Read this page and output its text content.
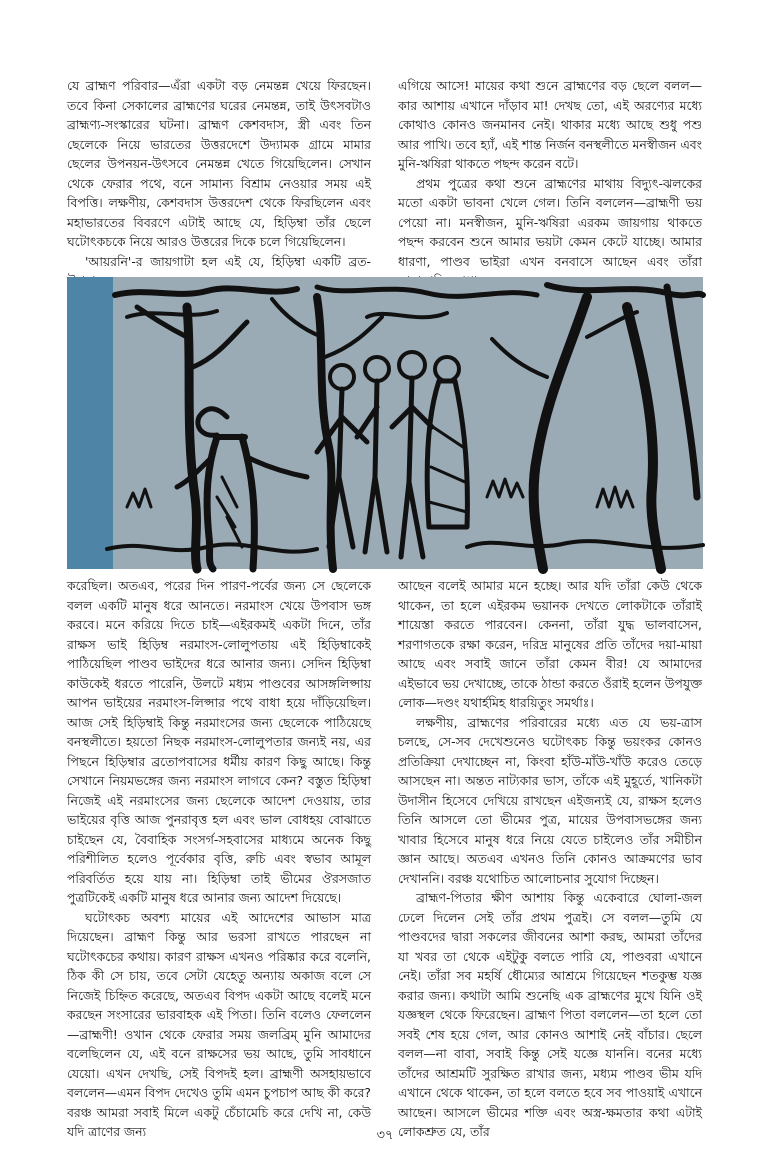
যে ব্রাহ্মণ পরিবার—এঁরা একটা বড় নেমন্তন্ন খেয়ে ফিরছেন। তবে কিনা সেকালের ব্রাহ্মণের ঘরের নেমন্তন্ন, তাই উৎসবটাও ব্রাহ্মণ্য-সংস্কারের ঘটনা। ব্রাহ্মণ কেশবদাস, স্ত্রী এবং তিন ছেলেকে নিয়ে ভারতের উত্তরদেশে উদ্যামক গ্রামে মামার ছেলের উপনয়ন-উৎসবে নেমন্তন্ন খেতে গিয়েছিলেন। সেখান থেকে ফেরার পথে, বনে সামান্য বিশ্রাম নেওয়ার সময় এই বিপত্তি। লক্ষণীয়, কেশবদাস উত্তরদেশ থেকে ফিরছিলেন এবং মহাভারতের বিবরণে এটাই আছে যে, হিড়িম্বা তাঁর ছেলে ঘটোৎকচকে নিয়ে আরও উত্তরের দিকে চলে গিয়েছিলেন।

'আয়রনি'-র জায়গাটা হল এই যে, হিড়িম্বা একটি ব্রত-

এগিয়ে আসে! মায়ের কথা শুনে ব্রাহ্মণের বড় ছেলে বলল—কার আশায় এখানে দাঁড়াব মা! দেখছ তো, এই অরণ্যের মধ্যে কোথাও কোনও জনমানব নেই। থাকার মধ্যে আছে শুধু পশু আর পাখি। তবে হ্যাঁ, এই শান্ত নির্জন বনস্থলীতে মনস্বীজন এবং মুনি-ঋষিরা থাকতে পছন্দ করেন বটে।

প্রথম পুত্রের কথা শুনে ব্রাহ্মণের মাথায় বিদ্যুৎ-ঝলকের মতো একটা ভাবনা খেলে গেল। তিনি বললেন—ব্রাহ্মণী ভয় পেয়ো না। মনস্বীজন, মুনি-ঋষিরা এরকম জায়গায় থাকতে পছন্দ করবেন শুনে আমার ভয়টা কেমন কেটে যাচ্ছে। আমার ধারণা, পাণ্ডব ভাইরা এখন বনবাসে আছেন এবং তাঁরা

করেছিল। অতএব, পরের দিন পারণ-পর্বের জন্য সে ছেলেকে বলল একটি মানুষ ধরে আনতে। নরমাংস খেয়ে উপবাস ভঙ্গ করবে। মনে করিয়ে দিতে চাই—এইরকমই একটা দিনে, তাঁর রাক্ষস ভাই হিড়িম্ব নরমাংস-লোলুপতায় এই হিড়িম্বাকেই পাঠিয়েছিল পাণ্ডব ভাইদের ধরে আনার জন্য। সেদিন হিড়িম্বা কাউকেই ধরতে পারেনি, উলটে মধ্যম পাণ্ডবের আসঙ্গলিপ্সায় আপন ভাইয়ের নরমাংস-লিপ্সার পথে বাধা হয়ে দাঁড়িয়েছিল। আজ সেই হিড়িম্বাই কিন্তু নরমাংসের জন্য ছেলেকে পাঠিয়েছে বনস্থলীতে। হয়তো নিছক নরমাংস-লোলুপতার জন্যই নয়, এর পিছনে হিড়িম্বার ব্রতোপবাসের ধর্মীয় কারণ কিছু আছে। কিন্তু সেখানে নিয়মভঙ্গের জন্য নরমাংস লাগবে কেন? বস্তুত হিড়িম্বা নিজেই এই নরমাংসের জন্য ছেলেকে আদেশ দেওয়ায়, তার ভাইয়ের বৃত্তি আজ পুনরাবৃত্ত হল এবং ভাল বোধহয় বোঝাতে চাইছেন যে, বৈবাহিক সংসর্গ-সহবাসের মাধ্যমে অনেক কিছু পরিশীলিত হলেও পূর্বেকার বৃত্তি, রুচি এবং স্বভাব আমূল পরিবর্তিত হয়ে যায় না। হিড়িম্বা তাই ভীমের ঔরসজাত পুত্রটিকেই একটি মানুষ ধরে আনার জন্য আদেশ দিয়েছে।

ঘটোৎকচ অবশ্য মায়ের এই আদেশের আভাস মাত্র দিয়েছেন। ব্রাহ্মণ কিন্তু আর ভরসা রাখতে পারছেন না ঘটোৎকচের কথায়। কারণ রাক্ষস এখনও পরিষ্কার করে বলেনি, ঠিক কী সে চায়, তবে সেটা যেহেতু অন্যায় অকাজ বলে সে নিজেই চিহ্নিত করেছে, অতএব বিপদ একটা আছে বলেই মনে করছেন সংসারের ভারবাহক এই পিতা। তিনি বলেও ফেললেন—ব্রাহ্মণী! ওখান থেকে ফেরার সময় জলব্রিম্ মুনি আমাদের বলেছিলেন যে, এই বনে রাক্ষসের ভয় আছে, তুমি সাবধানে যেয়ো। এখন দেখছি, সেই বিপদই হল। ব্রাহ্মণী অসহায়ভাবে বললেন—এমন বিপদ দেখেও তুমি এমন চুপচাপ আছ কী করে? বরঞ্চ আমরা সবাই মিলে একটু চেঁচামেচি করে দেখি না, কেউ যদি ত্রাণের জন্য

আছেন বলেই আমার মনে হচ্ছে। আর যদি তাঁরা কেউ থেকে থাকেন, তা হলে এইরকম ভয়ানক দেখতে লোকটাকে তাঁরাই শায়েস্তা করতে পারবেন। কেননা, তাঁরা যুদ্ধ ভালবাসেন, শরণাগতকে রক্ষা করেন, দরিদ্র মানুষের প্রতি তাঁদের দয়া-মায়া আছে এবং সবাই জানে তাঁরা কেমন বীর! যে আমাদের এইভাবে ভয় দেখাচ্ছে, তাকে ঠান্ডা করতে ওঁরাই হলেন উপযুক্ত লোক—দণ্ডং যথার্হমিহ ধারয়িতুং সমর্থাঃ।

লক্ষণীয়, ব্রাহ্মণের পরিবারের মধ্যে এত যে ভয়-ত্রাস চলছে, সে-সব দেখেশুনেও ঘটোৎকচ কিন্তু ভয়ংকর কোনও প্রতিক্রিয়া দেখাচ্ছেন না, কিংবা হাঁউ-মাঁউ-খাঁউ করেও তেড়ে আসছেন না। অন্তত নাট্যকার ভাস, তাঁকে এই মুহূর্তে, খানিকটা উদাসীন হিসেবে দেখিয়ে রাখছেন এইজন্যই যে, রাক্ষস হলেও তিনি আসলে তো ভীমের পুত্র, মায়ের উপবাসভঙ্গের জন্য খাবার হিসেবে মানুষ ধরে নিয়ে যেতে চাইলেও তাঁর সমীচীন জ্ঞান আছে। অতএব এখনও তিনি কোনও আক্রমণের ভাব দেখাননি। বরঞ্চ যথোচিত আলোচনার সুযোগ দিচ্ছেন।

ব্রাহ্মণ-পিতার ক্ষীণ আশায় কিন্তু একেবারে ঘোলা-জল ঢেলে দিলেন সেই তাঁর প্রথম পুত্রই। সে বলল—তুমি যে পাণ্ডবদের দ্বারা সকলের জীবনের আশা করছ, আমরা তাঁদের যা খবর তা থেকে এইটুকু বলতে পারি যে, পাণ্ডবরা এখানে নেই। তাঁরা সব মহর্ষি ধৌম্যের আশ্রমে গিয়েছেন শতকুম্ভ যজ্ঞ করার জন্য। কথাটা আমি শুনেছি এক ব্রাহ্মণের মুখে যিনি ওই যজ্ঞস্থল থেকে ফিরেছেন। ব্রাহ্মণ পিতা বললেন—তা হলে তো সবই শেষ হয়ে গেল, আর কোনও আশাই নেই বাঁচার। ছেলে বলল—না বাবা, সবাই কিন্তু সেই যজ্ঞে যাননি। বনের মধ্যে তাঁদের আশ্রমটি সুরক্ষিত রাখার জন্য, মধ্যম পাণ্ডব ভীম যদি এখানে থেকে থাকেন, তা হলে বলতে হবে সব পাওয়াই এখানে আছেন। আসলে ভীমের শক্তি এবং অস্ত্র-ক্ষমতার কথা এটাই লোকশ্রুত যে, তাঁর

৩৭
